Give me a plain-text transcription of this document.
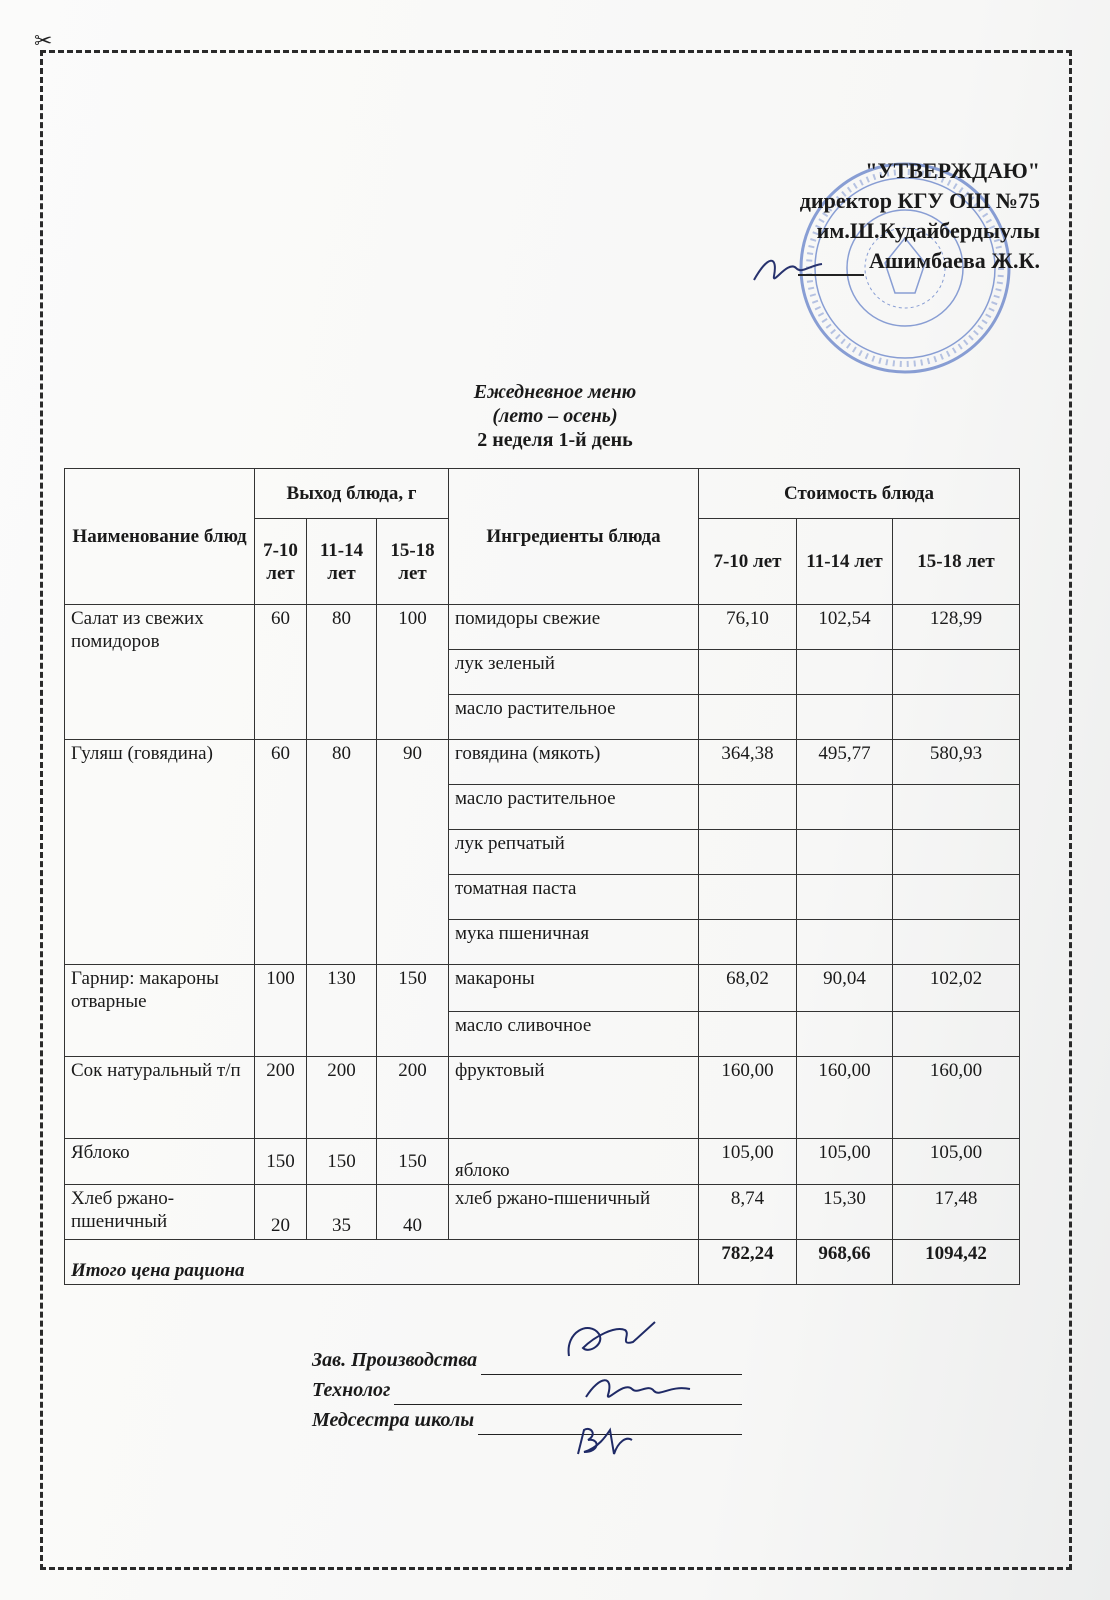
✂
"УТВЕРЖДАЮ"
директор КГУ ОШ №75
им.Ш.Кудайбердыулы
Ашимбаева Ж.К.
Ежедневное меню
(лето – осень)
2 неделя 1-й день
Наименование блюд	Выход блюда, г			Ингредиенты блюда	Стоимость блюда		
	7-10 лет	11-14 лет	15-18 лет		7-10 лет	11-14 лет	15-18 лет
Салат из свежих помидоров	60	80	100	помидоры свежие	76,10	102,54	128,99
				лук зеленый			
				масло растительное			
Гуляш (говядина)	60	80	90	говядина (мякоть)	364,38	495,77	580,93
				масло растительное			
				лук репчатый			
				томатная паста			
				мука пшеничная			
Гарнир: макароны отварные	100	130	150	макароны	68,02	90,04	102,02
				масло сливочное			
Сок натуральный т/п	200	200	200	фруктовый	160,00	160,00	160,00
Яблоко	150	150	150	яблоко	105,00	105,00	105,00
Хлеб ржано-пшеничный	20	35	40	хлеб ржано-пшеничный	8,74	15,30	17,48
Итого цена рациона					782,24	968,66	1094,42
Зав. Производства
Технолог
Медсестра школы
